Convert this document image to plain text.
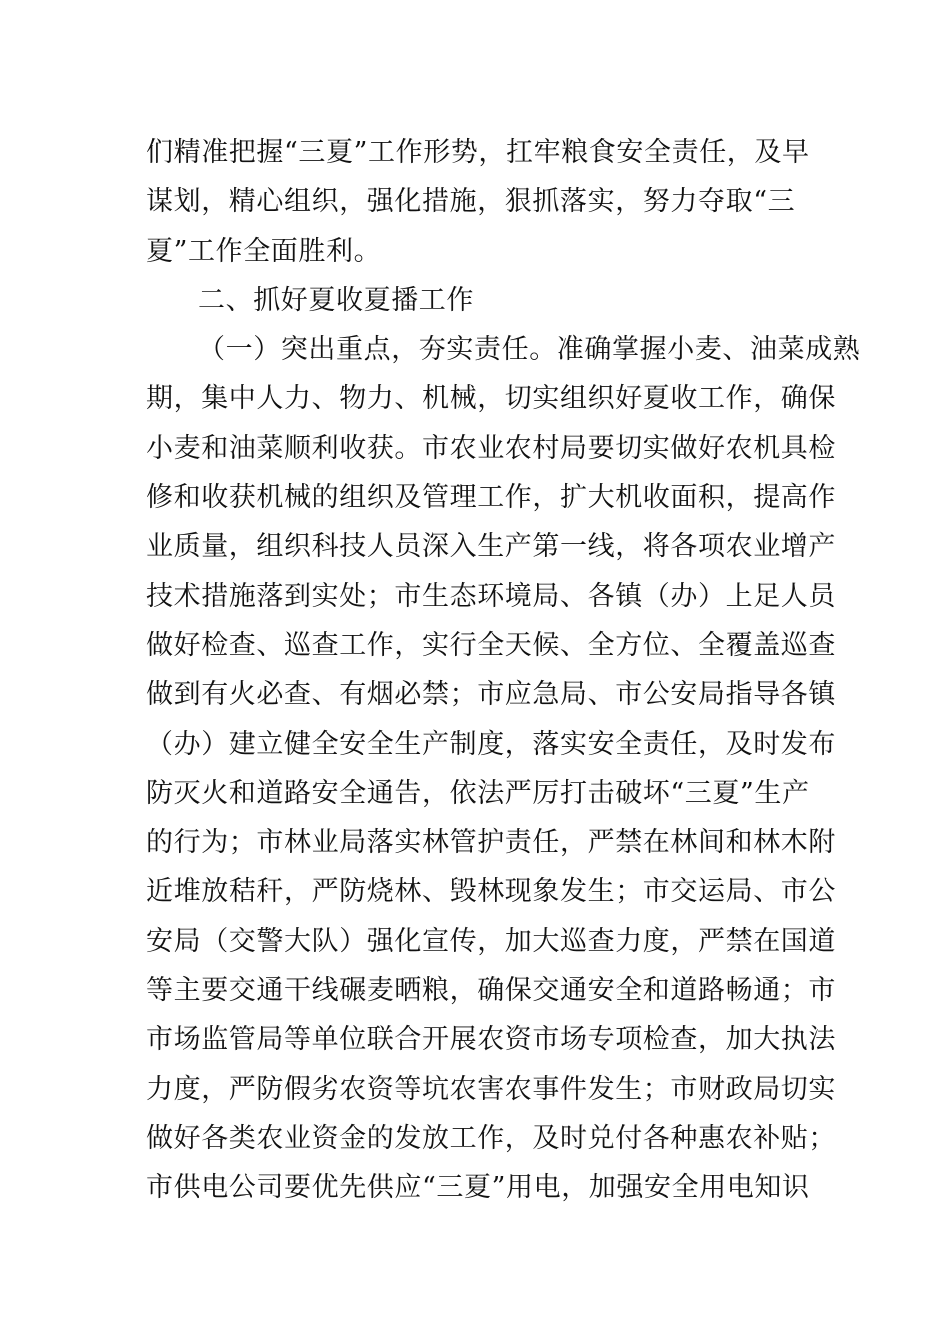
们精准把握“三夏”工作形势，扛牢粮食安全责任，及早
谋划，精心组织，强化措施，狠抓落实，努力夺取“三
夏”工作全面胜利。
二、抓好夏收夏播工作
（一）突出重点，夯实责任。准确掌握小麦、油菜成熟
期，集中人力、物力、机械，切实组织好夏收工作，确保
小麦和油菜顺利收获。市农业农村局要切实做好农机具检
修和收获机械的组织及管理工作，扩大机收面积，提高作
业质量，组织科技人员深入生产第一线，将各项农业增产
技术措施落到实处；市生态环境局、各镇（办）上足人员
做好检查、巡查工作，实行全天候、全方位、全覆盖巡查
做到有火必查、有烟必禁；市应急局、市公安局指导各镇
（办）建立健全安全生产制度，落实安全责任，及时发布
防灭火和道路安全通告，依法严厉打击破坏“三夏”生产
的行为；市林业局落实林管护责任，严禁在林间和林木附
近堆放秸秆，严防烧林、毁林现象发生；市交运局、市公
安局（交警大队）强化宣传，加大巡查力度，严禁在国道
等主要交通干线碾麦晒粮，确保交通安全和道路畅通；市
市场监管局等单位联合开展农资市场专项检查，加大执法
力度，严防假劣农资等坑农害农事件发生；市财政局切实
做好各类农业资金的发放工作，及时兑付各种惠农补贴；
市供电公司要优先供应“三夏”用电，加强安全用电知识
